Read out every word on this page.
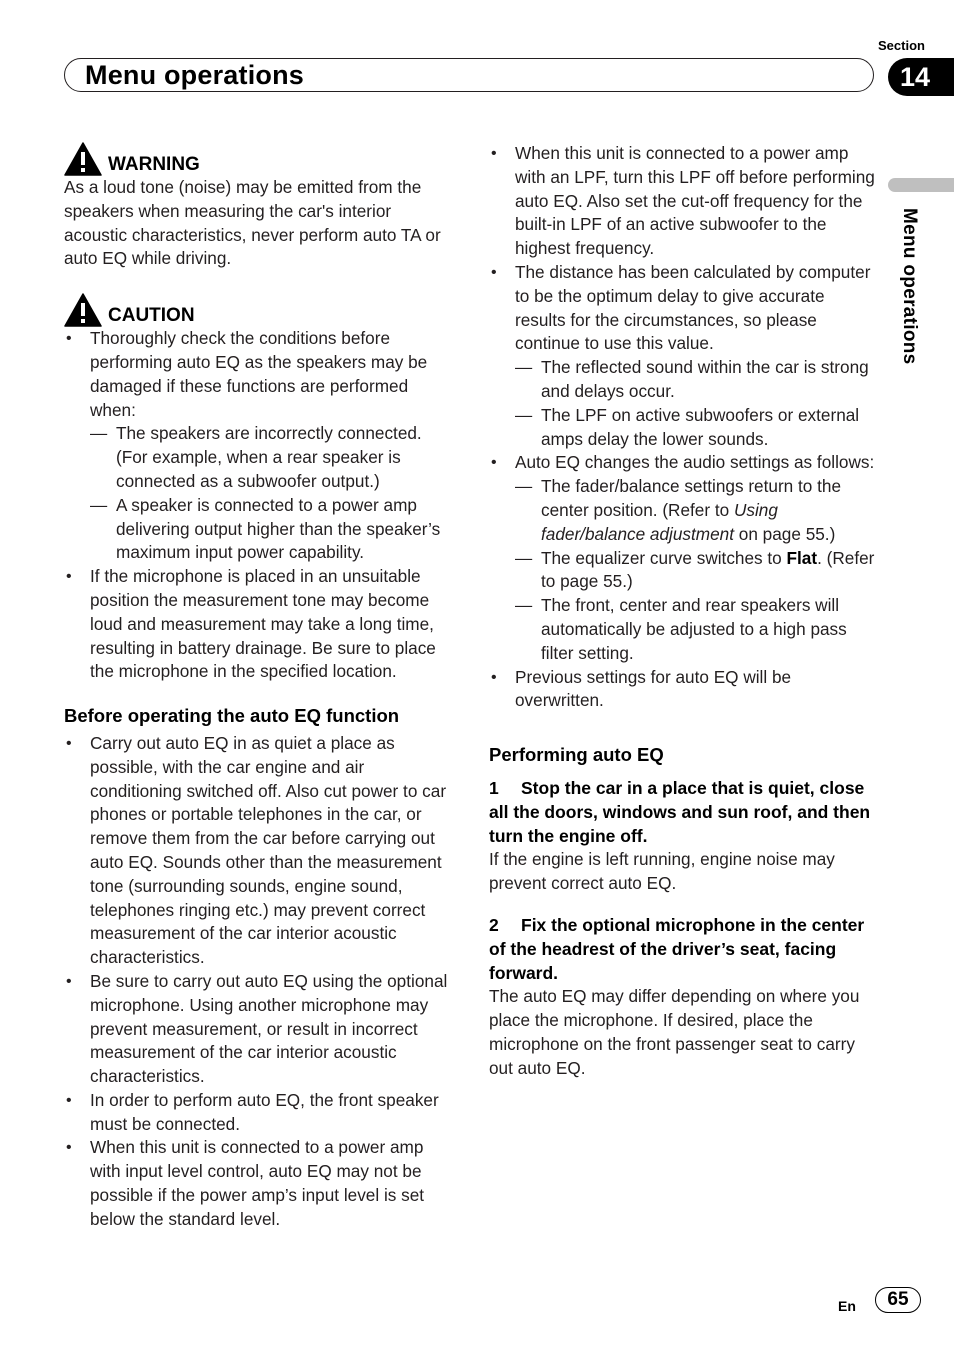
Menu operations
Section
14
Menu operations
WARNING

As a loud tone (noise) may be emitted from the speakers when measuring the car's interior acoustic characteristics, never perform auto TA or auto EQ while driving.

CAUTION
• Thoroughly check the conditions before performing auto EQ as the speakers may be damaged if these functions are performed when:
— The speakers are incorrectly connected. (For example, when a rear speaker is connected as a subwoofer output.)
— A speaker is connected to a power amp delivering output higher than the speaker’s maximum input power capability.
• If the microphone is placed in an unsuitable position the measurement tone may become loud and measurement may take a long time, resulting in battery drainage. Be sure to place the microphone in the specified location.
Before operating the auto EQ function
• Carry out auto EQ in as quiet a place as possible, with the car engine and air conditioning switched off. Also cut power to car phones or portable telephones in the car, or remove them from the car before carrying out auto EQ. Sounds other than the measurement tone (surrounding sounds, engine sound, telephones ringing etc.) may prevent correct measurement of the car interior acoustic characteristics.
• Be sure to carry out auto EQ using the optional microphone. Using another microphone may prevent measurement, or result in incorrect measurement of the car interior acoustic characteristics.
• In order to perform auto EQ, the front speaker must be connected.
• When this unit is connected to a power amp with input level control, auto EQ may not be possible if the power amp’s input level is set below the standard level.
• When this unit is connected to a power amp with an LPF, turn this LPF off before performing auto EQ. Also set the cut-off frequency for the built-in LPF of an active subwoofer to the highest frequency.
• The distance has been calculated by computer to be the optimum delay to give accurate results for the circumstances, so please continue to use this value.
— The reflected sound within the car is strong and delays occur.
— The LPF on active subwoofers or external amps delay the lower sounds.
• Auto EQ changes the audio settings as follows:
— The fader/balance settings return to the center position. (Refer to Using fader/balance adjustment on page 55.)
— The equalizer curve switches to Flat. (Refer to page 55.)
— The front, center and rear speakers will automatically be adjusted to a high pass filter setting.
• Previous settings for auto EQ will be overwritten.
Performing auto EQ
1 Stop the car in a place that is quiet, close all the doors, windows and sun roof, and then turn the engine off.

If the engine is left running, engine noise may prevent correct auto EQ.

2 Fix the optional microphone in the center of the headrest of the driver’s seat, facing forward.

The auto EQ may differ depending on where you place the microphone. If desired, place the microphone on the front passenger seat to carry out auto EQ.

En	65
